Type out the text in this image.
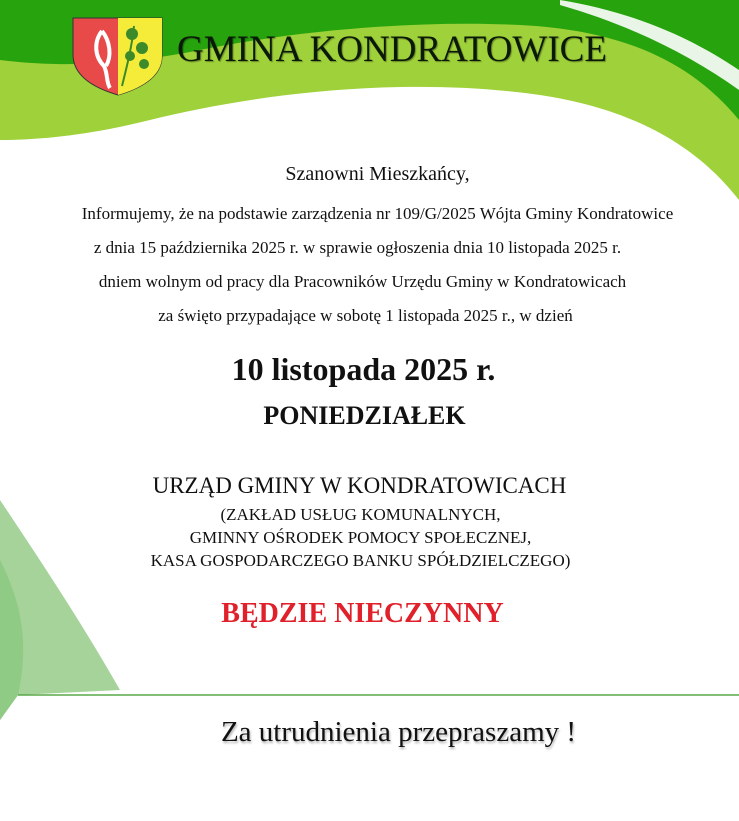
GMINA KONDRATOWICE
Szanowni Mieszkańcy,
Informujemy, że na podstawie zarządzenia nr 109/G/2025 Wójta Gminy Kondratowice
z dnia 15 października 2025 r. w sprawie ogłoszenia dnia 10 listopada 2025 r.
dniem wolnym od pracy dla Pracowników Urzędu Gminy w Kondratowicach
za święto przypadające w sobotę 1 listopada 2025 r., w dzień
10 listopada 2025 r.
PONIEDZIAŁEK
URZĄD GMINY W KONDRATOWICACH
(ZAKŁAD USŁUG KOMUNALNYCH,
GMINNY OŚRODEK POMOCY SPOŁECZNEJ,
KASA GOSPODARCZEGO BANKU SPÓŁDZIELCZEGO)
BĘDZIE NIECZYNNY
Za utrudnienia przepraszamy !
